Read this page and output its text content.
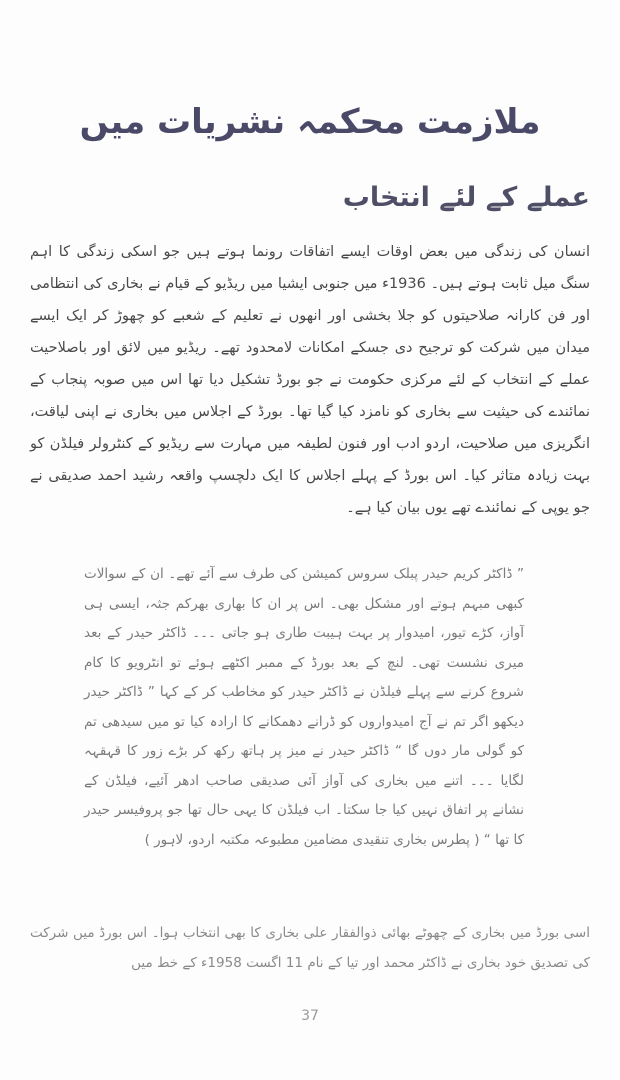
ملازمت محکمہ نشریات میں
عملے کے لئے انتخاب

انسان کی زندگی میں بعض اوقات ایسے اتفاقات رونما ہوتے ہیں جو اسکی زندگی کا اہم سنگ میل ثابت ہوتے ہیں۔ 1936ء میں جنوبی ایشیا میں ریڈیو کے قیام نے بخاری کی انتظامی اور فن کارانہ صلاحیتوں کو جلا بخشی اور انھوں نے تعلیم کے شعبے کو چھوڑ کر ایک ایسے میدان میں شرکت کو ترجیح دی جسکے امکانات لامحدود تھے۔ ریڈیو میں لائق اور باصلاحیت عملے کے انتخاب کے لئے مرکزی حکومت نے جو بورڈ تشکیل دیا تھا اس میں صوبہ پنجاب کے نمائندے کی حیثیت سے بخاری کو نامزد کیا گیا تھا۔ بورڈ کے اجلاس میں بخاری نے اپنی لیاقت، انگریزی میں صلاحیت، اردو ادب اور فنون لطیفہ میں مہارت سے ریڈیو کے کنٹرولر فیلڈن کو بہت زیادہ متاثر کیا۔ اس بورڈ کے پہلے اجلاس کا ایک دلچسپ واقعہ رشید احمد صدیقی نے جو یوپی کے نمائندے تھے یوں بیان کیا ہے۔

” ڈاکٹر کریم حیدر پبلک سروس کمیشن کی طرف سے آئے تھے۔ ان کے سوالات کبھی مبہم ہوتے اور مشکل بھی۔ اس پر ان کا بھاری بھرکم جثہ، ایسی ہی آواز، کڑے تیور، امیدوار پر بہت ہیبت طاری ہو جاتی ۔۔۔ ڈاکٹر حیدر کے بعد میری نشست تھی۔ لنچ کے بعد بورڈ کے ممبر اکٹھے ہوئے تو انٹرویو کا کام شروع کرنے سے پہلے فیلڈن نے ڈاکٹر حیدر کو مخاطب کر کے کہا ” ڈاکٹر حیدر دیکھو اگر تم نے آج امیدواروں کو ڈرانے دھمکانے کا ارادہ کیا تو میں سیدھی تم کو گولی مار دوں گا “ ڈاکٹر حیدر نے میز پر ہاتھ رکھ کر بڑے زور کا قہقہہ لگایا ۔۔۔ اتنے میں بخاری کی آواز آئی صدیقی صاحب ادھر آئیے، فیلڈن کے نشانے پر اتفاق نہیں کیا جا سکتا۔ اب فیلڈن کا یہی حال تھا جو پروفیسر حیدر کا تھا “ ( پطرس بخاری تنقیدی مضامین مطبوعہ مکتبہ اردو، لاہور )

اسی بورڈ میں بخاری کے چھوٹے بھائی ذوالفقار علی بخاری کا بھی انتخاب ہوا۔ اس بورڈ میں شرکت کی تصدیق خود بخاری نے ڈاکٹر محمد اور تیا کے نام 11 اگست 1958ء کے خط میں

37
